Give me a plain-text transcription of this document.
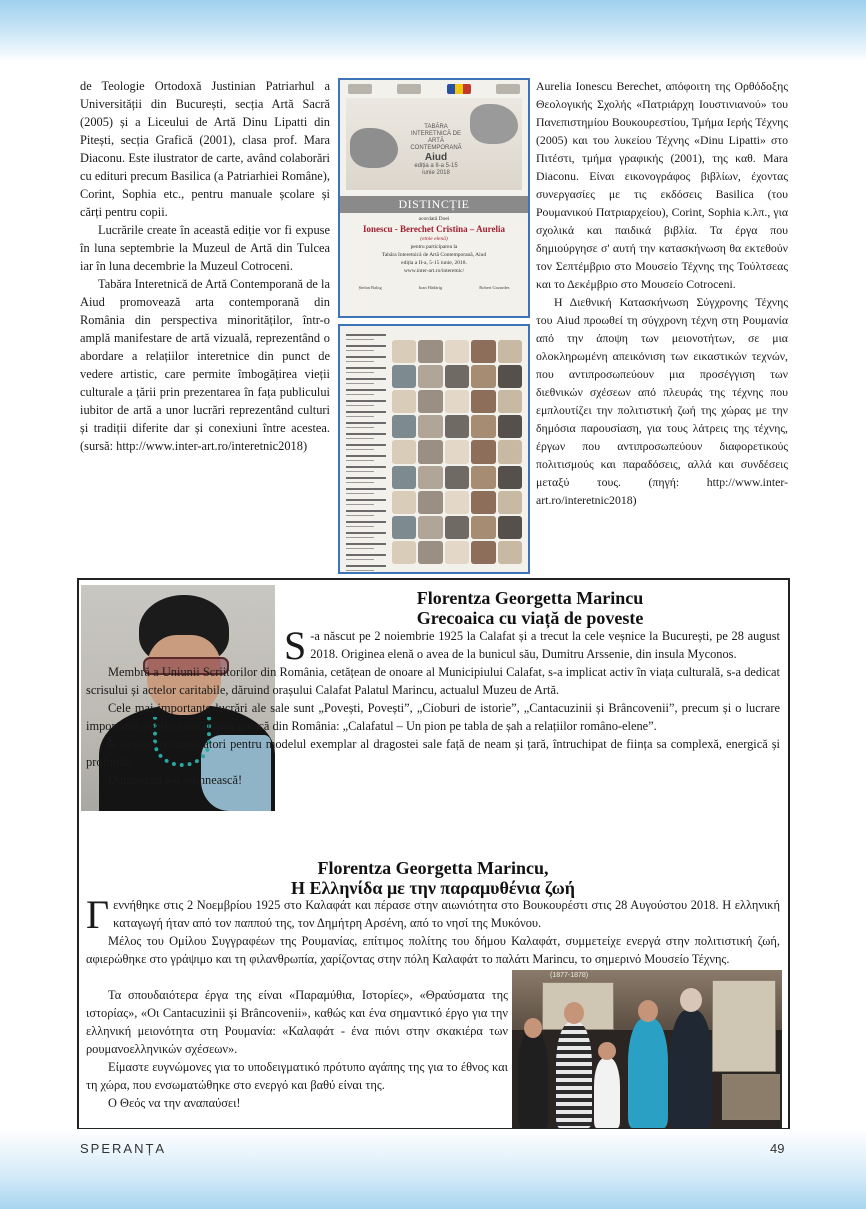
de Teologie Ortodoxă Justinian Patriarhul a Universității din București, secția Artă Sacră (2005) și a Liceului de Artă Dinu Lipatti din Pitești, secția Grafică (2001), clasa prof. Mara Diaconu. Este ilustrator de carte, având colaborări cu edituri precum Basilica (a Patriarhiei Române), Corint, Sophia etc., pentru manuale școlare și cărți pentru copii.

Lucrările create în această ediție vor fi expuse în luna septembrie la Muzeul de Artă din Tulcea iar în luna decembrie la Muzeul Cotroceni.

Tabăra Interetnică de Artă Contemporană de la Aiud promovează arta contemporană din România din perspectiva minorităților, într-o amplă manifestare de artă vizuală, reprezentând o abordare a relațiilor interetnice din punct de vedere artistic, care permite îmbogățirea vieții culturale a țării prin prezentarea în fața publicului iubitor de artă a unor lucrări reprezentând culturi și tradiții diferite dar și conexiuni între acestea. (sursă: http://www.inter-art.ro/interetnic2018)

TABĂRA INTERETNICĂ DE ARTĂ CONTEMPORANĂ
Aiud
ediția a II-a 5-15 iunie 2018
DISTINCȚIE
acordată Doei
Ionescu - Berechet Cristina – Aurelia
(etnie elenă)
pentru participarea la
Tabăra Interetnică de Artă Contemporană, Aiud
ediția a II-a, 5-15 iunie, 2018.
www.inter-art.ro/interetnic/
Ștefan Balog	Ioan Hădărig	Robert Gozardes

Aurelia Ionescu Berechet, απόφοιτη της Ορθόδοξης Θεολογικής Σχολής «Πατριάρχη Ιουστινιανού» του Πανεπιστημίου Βουκουρεστίου, Τμήμα Ιερής Τέχνης (2005) και του λυκείου Τέχνης «Dinu Lipatti» στο Πιτέστι, τμήμα γραφικής (2001), της καθ. Mara Diaconu. Είναι εικονογράφος βιβλίων, έχοντας συνεργασίες με τις εκδόσεις Basilica (του Ρουμανικού Πατριαρχείου), Corint, Sophia κ.λπ., για σχολικά και παιδικά βιβλία. Τα έργα που δημιούργησε σ' αυτή την κατασκήνωση θα εκτεθούν τον Σεπτέμβριο στο Μουσείο Τέχνης της Τούλτσεας και το Δεκέμβριο στο Μουσείο Cotroceni.

Η Διεθνική Κατασκήνωση Σύγχρονης Τέχνης του Aiud προωθεί τη σύγχρονη τέχνη στη Ρουμανία από την άποψη των μειονοτήτων, σε μια ολοκληρωμένη απεικόνιση των εικαστικών τεχνών, που αντιπροσωπεύουν μια προσέγγιση των διεθνικών σχέσεων από πλευράς της τέχνης που εμπλουτίζει την πολιτιστική ζωή της χώρας με την δημόσια παρουσίαση, για τους λάτρεις της τέχνης, έργων που αντιπροσωπεύουν διαφορετικούς πολιτισμούς και παραδόσεις, αλλά και συνδέσεις μεταξύ τους. (πηγή: http://www.inter-art.ro/interetnic2018)

Florentza Georgetta Marincu
Grecoaica cu viață de poveste

S -a născut pe 2 noiembrie 1925 la Calafat și a trecut la cele veșnice la București, pe 28 august 2018. Originea elenă o avea de la bunicul său, Dumitru Arssenie, din insula Myconos.

Membră a Uniunii Scriitorilor din România, cetățean de onoare al Municipiului Calafat, s-a implicat activ în viața culturală, s-a dedicat scrisului și actelor caritabile, dăruind orașului Calafat Palatul Marincu, actualul Muzeu de Artă.

Cele mai importante lucrări ale sale sunt „Povești, Povești”, „Cioburi de istorie”, „Cantacuzinii și Brâncovenii”, precum și o lucrare importantă pentru minoritatea greacă din România: „Calafatul – Un pion pe tabla de șah a relațiilor româno-elene”.

Îi suntem recunoscători pentru modelul exemplar al dragostei sale față de neam și țară, întruchipat de ființa sa complexă, energică și profundă.

Dumnezeu s-o odihnească!

Florentza Georgetta Marincu,
Η Ελληνίδα με την παραμυθένια ζωή

Γεννήθηκε στις 2 Νοεμβρίου 1925 στο Καλαφάτ και πέρασε στην αιωνιότητα στο Βουκουρέστι στις 28 Αυγούστου 2018. Η ελληνική καταγωγή ήταν από τον παππού της, τον Δημήτρη Αρσένη, από το νησί της Μυκόνου.

Μέλος του Ομίλου Συγγραφέων της Ρουμανίας, επίτιμος πολίτης του δήμου Καλαφάτ, συμμετείχε ενεργά στην πολιτιστική ζωή, αφιερώθηκε στο γράψιμο και τη φιλανθρωπία, χαρίζοντας στην πόλη Καλαφάτ το παλάτι Marincu, το σημερινό Μουσείο Τέχνης.

Τα σπουδαιότερα έργα της είναι «Παραμύθια, Ιστορίες», «Θραύσματα της ιστορίας», «Οι Cantacuzinii și Brâncovenii», καθώς και ένα σημαντικό έργο για την ελληνική μειονότητα στη Ρουμανία: «Καλαφάτ - ένα πιόνι στην σκακιέρα των ρουμανοελληνικών σχέσεων».

Είμαστε ευγνώμονες για το υποδειγματικό πρότυπο αγάπης της για το έθνος και τη χώρα, που ενσωματώθηκε στο ενεργό και βαθύ είναι της.

Ο Θεός να την αναπαύσει!

(1877-1878)
SPERANȚA	49
